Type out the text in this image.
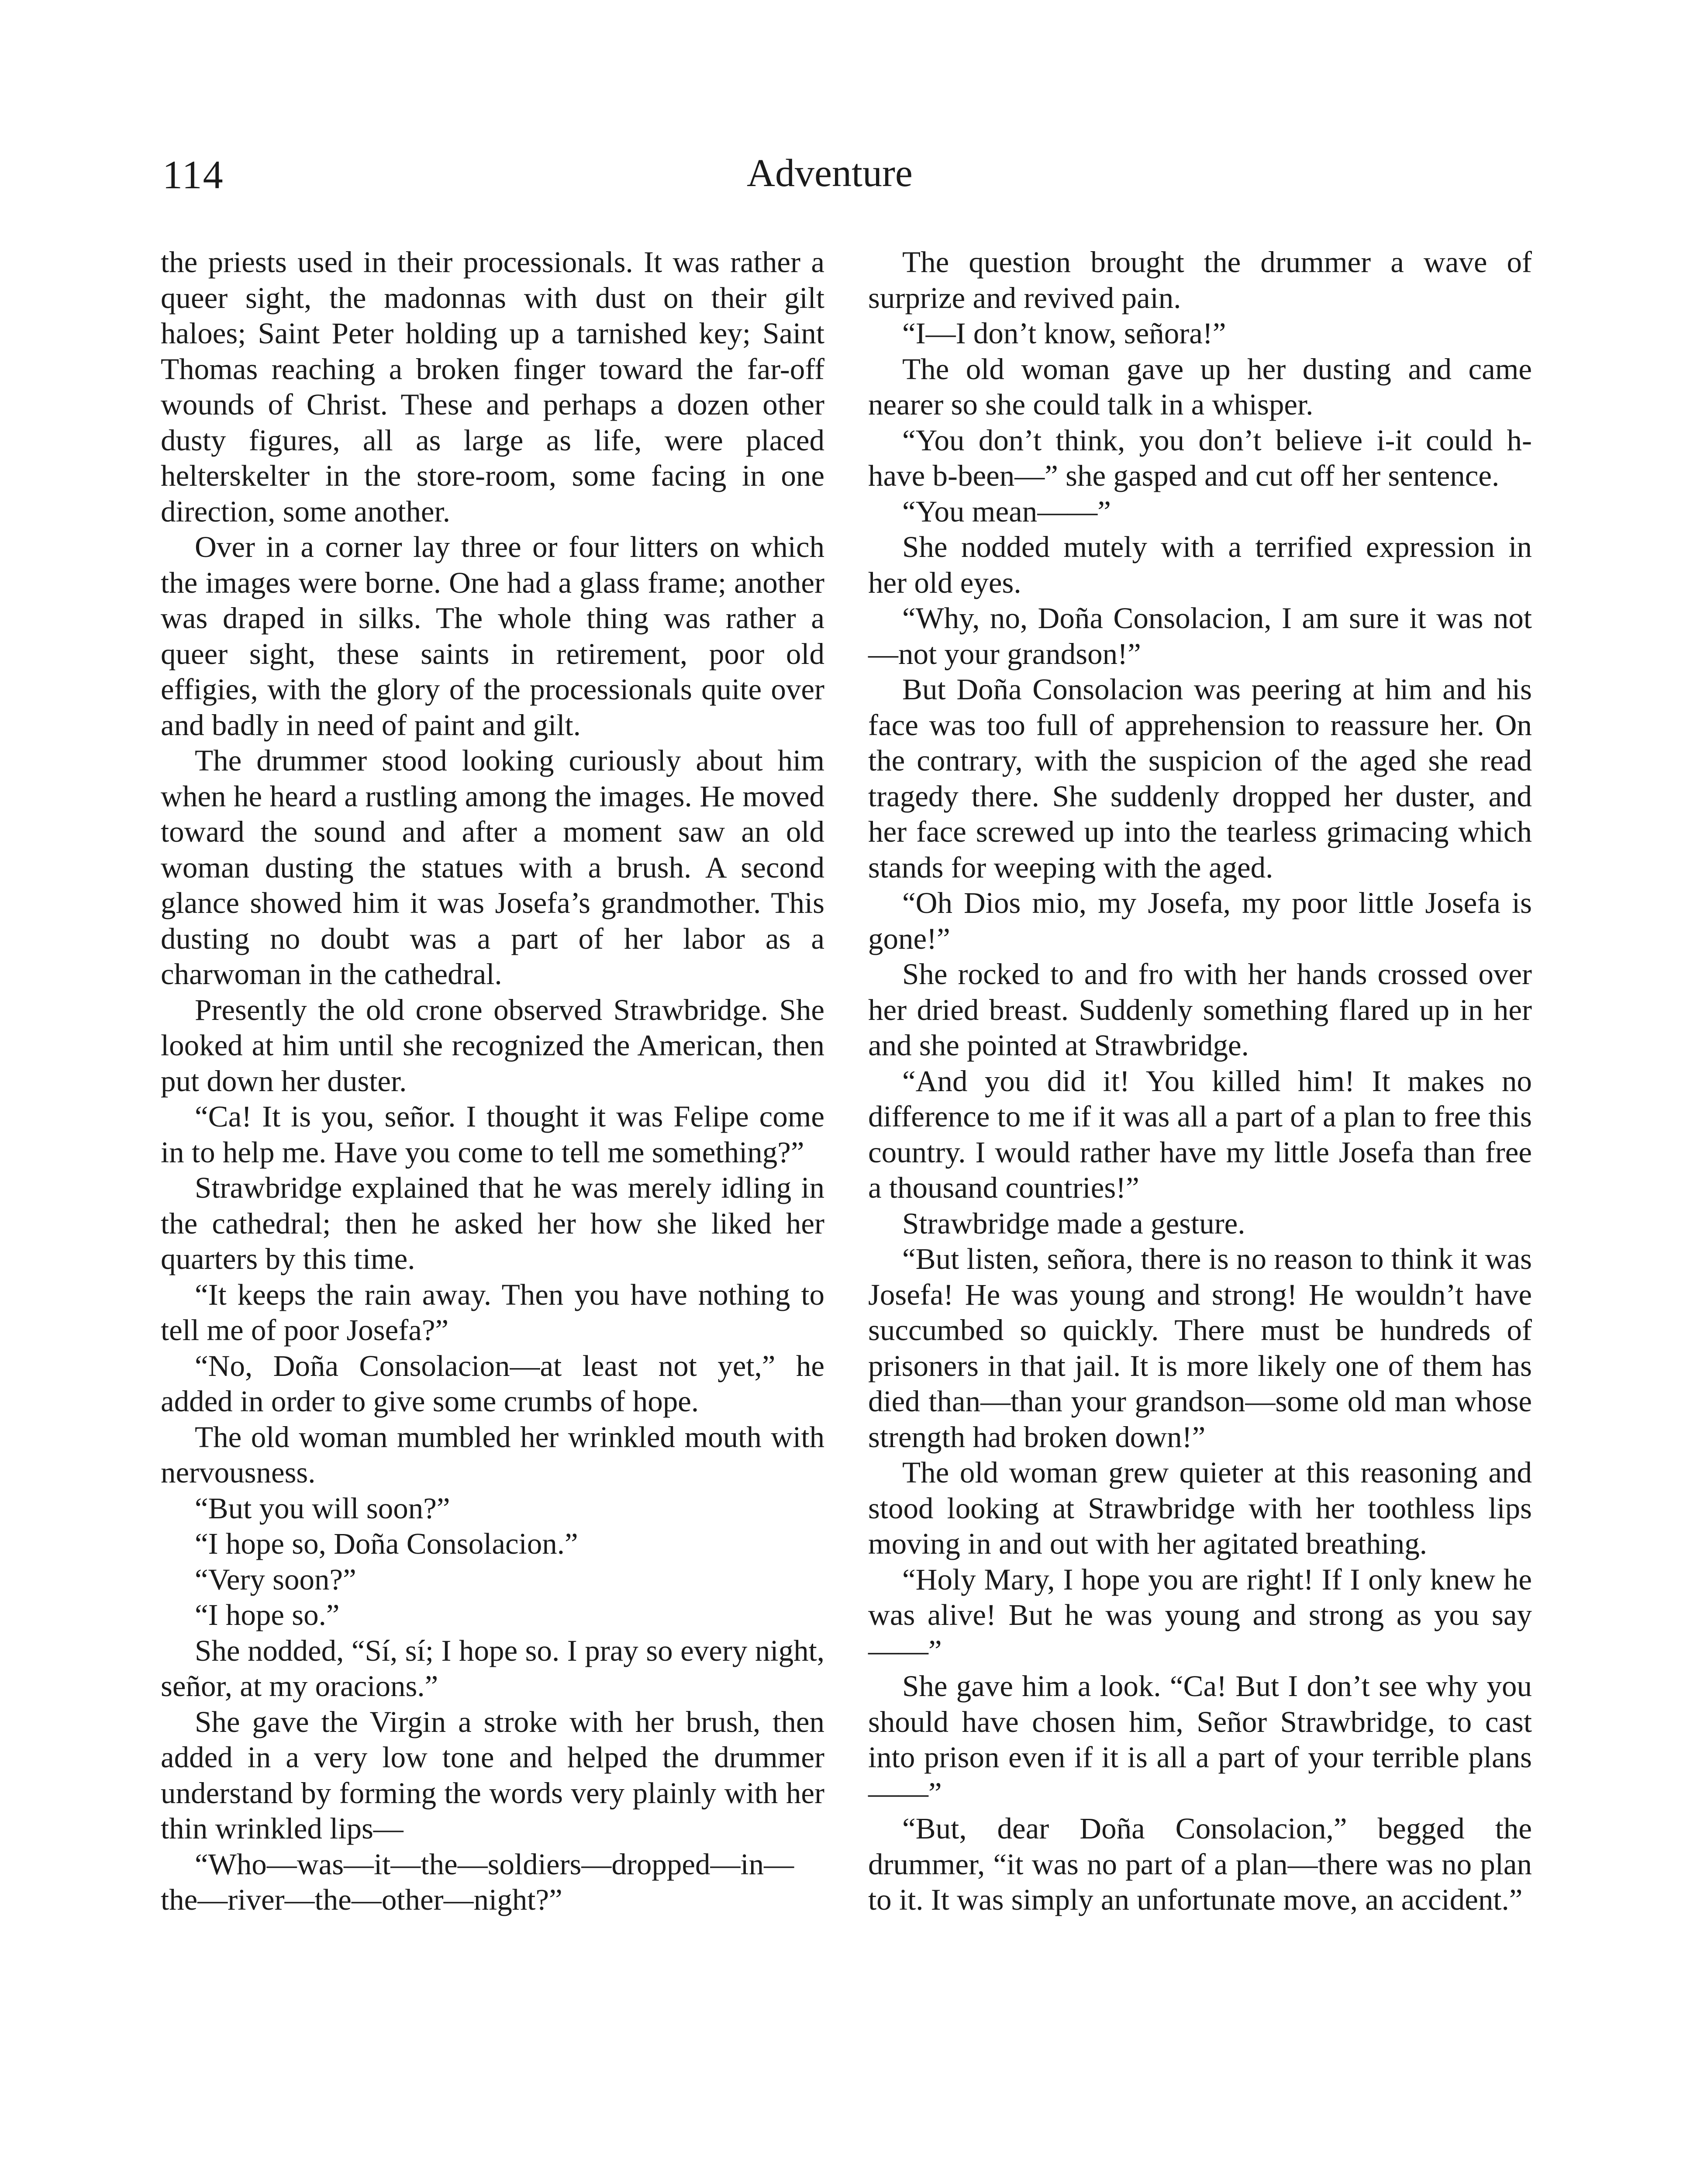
114	Adventure

the priests used in their processionals. It was rather a queer sight, the madonnas with dust on their gilt haloes; Saint Peter holding up a tarnished key; Saint Thomas reaching a broken finger toward the far-off wounds of Christ. These and perhaps a dozen other dusty figures, all as large as life, were placed helterskelter in the store-room, some facing in one direction, some another.

Over in a corner lay three or four litters on which the images were borne. One had a glass frame; another was draped in silks. The whole thing was rather a queer sight, these saints in retirement, poor old effigies, with the glory of the processionals quite over and badly in need of paint and gilt.

The drummer stood looking curiously about him when he heard a rustling among the images. He moved toward the sound and after a moment saw an old woman dusting the statues with a brush. A second glance showed him it was Josefa’s grandmother. This dusting no doubt was a part of her labor as a charwoman in the cathedral.

Presently the old crone observed Strawbridge. She looked at him until she recognized the American, then put down her duster.

“Ca! It is you, señor. I thought it was Felipe come in to help me. Have you come to tell me something?”

Strawbridge explained that he was merely idling in the cathedral; then he asked her how she liked her quarters by this time.

“It keeps the rain away. Then you have nothing to tell me of poor Josefa?”

“No, Doña Consolacion—at least not yet,” he added in order to give some crumbs of hope.

The old woman mumbled her wrinkled mouth with nervousness.

“But you will soon?”

“I hope so, Doña Consolacion.”

“Very soon?”

“I hope so.”

She nodded, “Sí, sí; I hope so. I pray so every night, señor, at my oracions.”

She gave the Virgin a stroke with her brush, then added in a very low tone and helped the drummer understand by forming the words very plainly with her thin wrinkled lips—

“Who—was—it—the—soldiers—dropped—in—the—river—the—other—night?”

The question brought the drummer a wave of surprize and revived pain.

“I—I don’t know, señora!”

The old woman gave up her dusting and came nearer so she could talk in a whisper.

“You don’t think, you don’t believe i-it could h-have b-been—” she gasped and cut off her sentence.

“You mean——”

She nodded mutely with a terrified expression in her old eyes.

“Why, no, Doña Consolacion, I am sure it was not—not your grandson!”

But Doña Consolacion was peering at him and his face was too full of apprehension to reassure her. On the contrary, with the suspicion of the aged she read tragedy there. She suddenly dropped her duster, and her face screwed up into the tearless grimacing which stands for weeping with the aged.

“Oh Dios mio, my Josefa, my poor little Josefa is gone!”

She rocked to and fro with her hands crossed over her dried breast. Suddenly something flared up in her and she pointed at Strawbridge.

“And you did it! You killed him! It makes no difference to me if it was all a part of a plan to free this country. I would rather have my little Josefa than free a thousand countries!”

Strawbridge made a gesture.

“But listen, señora, there is no reason to think it was Josefa! He was young and strong! He wouldn’t have succumbed so quickly. There must be hundreds of prisoners in that jail. It is more likely one of them has died than—than your grandson—some old man whose strength had broken down!”

The old woman grew quieter at this reasoning and stood looking at Strawbridge with her toothless lips moving in and out with her agitated breathing.

“Holy Mary, I hope you are right! If I only knew he was alive! But he was young and strong as you say——”

She gave him a look. “Ca! But I don’t see why you should have chosen him, Señor Strawbridge, to cast into prison even if it is all a part of your terrible plans——”

“But, dear Doña Consolacion,” begged the drummer, “it was no part of a plan—there was no plan to it. It was simply an unfortunate move, an accident.”
